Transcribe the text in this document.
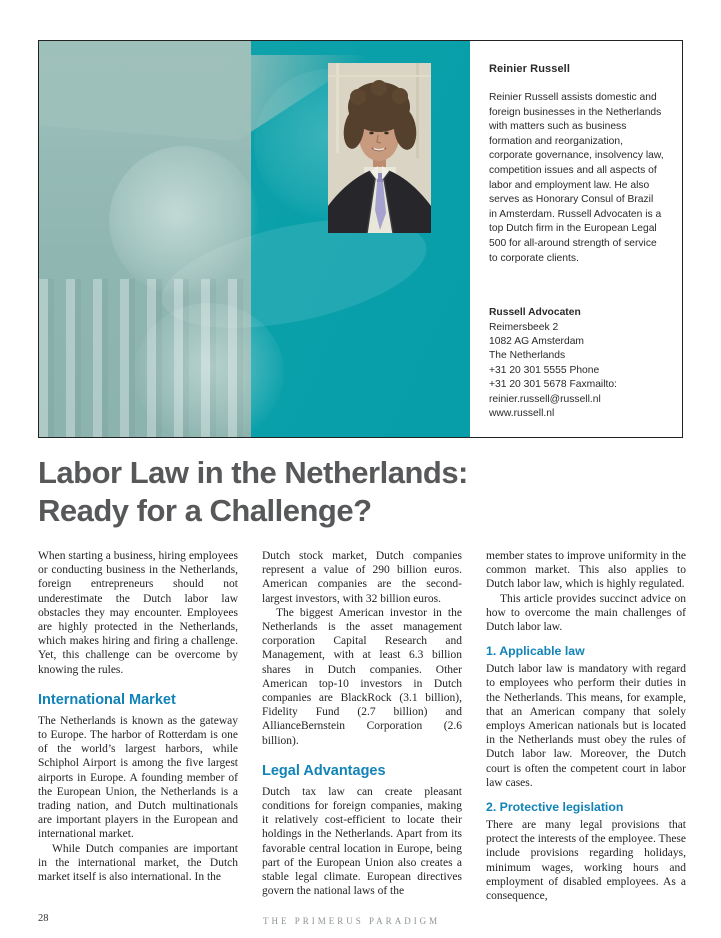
Reinier Russell
Reinier Russell assists domestic and foreign businesses in the Netherlands with matters such as business formation and reorganization, corporate governance, insolvency law, competition issues and all aspects of labor and employment law. He also serves as Honorary Consul of Brazil in Amsterdam. Russell Advocaten is a top Dutch firm in the European Legal 500 for all-around strength of service to corporate clients.
Russell Advocaten
Reimersbeek 2
1082 AG Amsterdam
The Netherlands
+31 20 301 5555 Phone
+31 20 301 5678 Faxmailto:
reinier.russell@russell.nl
www.russell.nl
Labor Law in the Netherlands:
Ready for a Challenge?

When starting a business, hiring employees or conducting business in the Netherlands, foreign entrepreneurs should not underestimate the Dutch labor law obstacles they may encounter. Employees are highly protected in the Netherlands, which makes hiring and firing a challenge. Yet, this challenge can be overcome by knowing the rules.

International Market

The Netherlands is known as the gateway to Europe. The harbor of Rotterdam is one of the world’s largest harbors, while Schiphol Airport is among the five largest airports in Europe. A founding member of the European Union, the Netherlands is a trading nation, and Dutch multinationals are important players in the European and international market.

While Dutch companies are important in the international market, the Dutch market itself is also international. In the

Dutch stock market, Dutch companies represent a value of 290 billion euros. American companies are the second-largest investors, with 32 billion euros.

The biggest American investor in the Netherlands is the asset management corporation Capital Research and Management, with at least 6.3 billion shares in Dutch companies. Other American top-10 investors in Dutch companies are BlackRock (3.1 billion), Fidelity Fund (2.7 billion) and AllianceBernstein Corporation (2.6 billion).

Legal Advantages

Dutch tax law can create pleasant conditions for foreign companies, making it relatively cost-efficient to locate their holdings in the Netherlands. Apart from its favorable central location in Europe, being part of the European Union also creates a stable legal climate. European directives govern the national laws of the

member states to improve uniformity in the common market. This also applies to Dutch labor law, which is highly regulated.

This article provides succinct advice on how to overcome the main challenges of Dutch labor law.

1. Applicable law

Dutch labor law is mandatory with regard to employees who perform their duties in the Netherlands. This means, for example, that an American company that solely employs American nationals but is located in the Netherlands must obey the rules of Dutch labor law. Moreover, the Dutch court is often the competent court in labor law cases.

2. Protective legislation

There are many legal provisions that protect the interests of the employee. These include provisions regarding holidays, minimum wages, working hours and employment of disabled employees. As a consequence,

28	THE PRIMERUS PARADIGM
